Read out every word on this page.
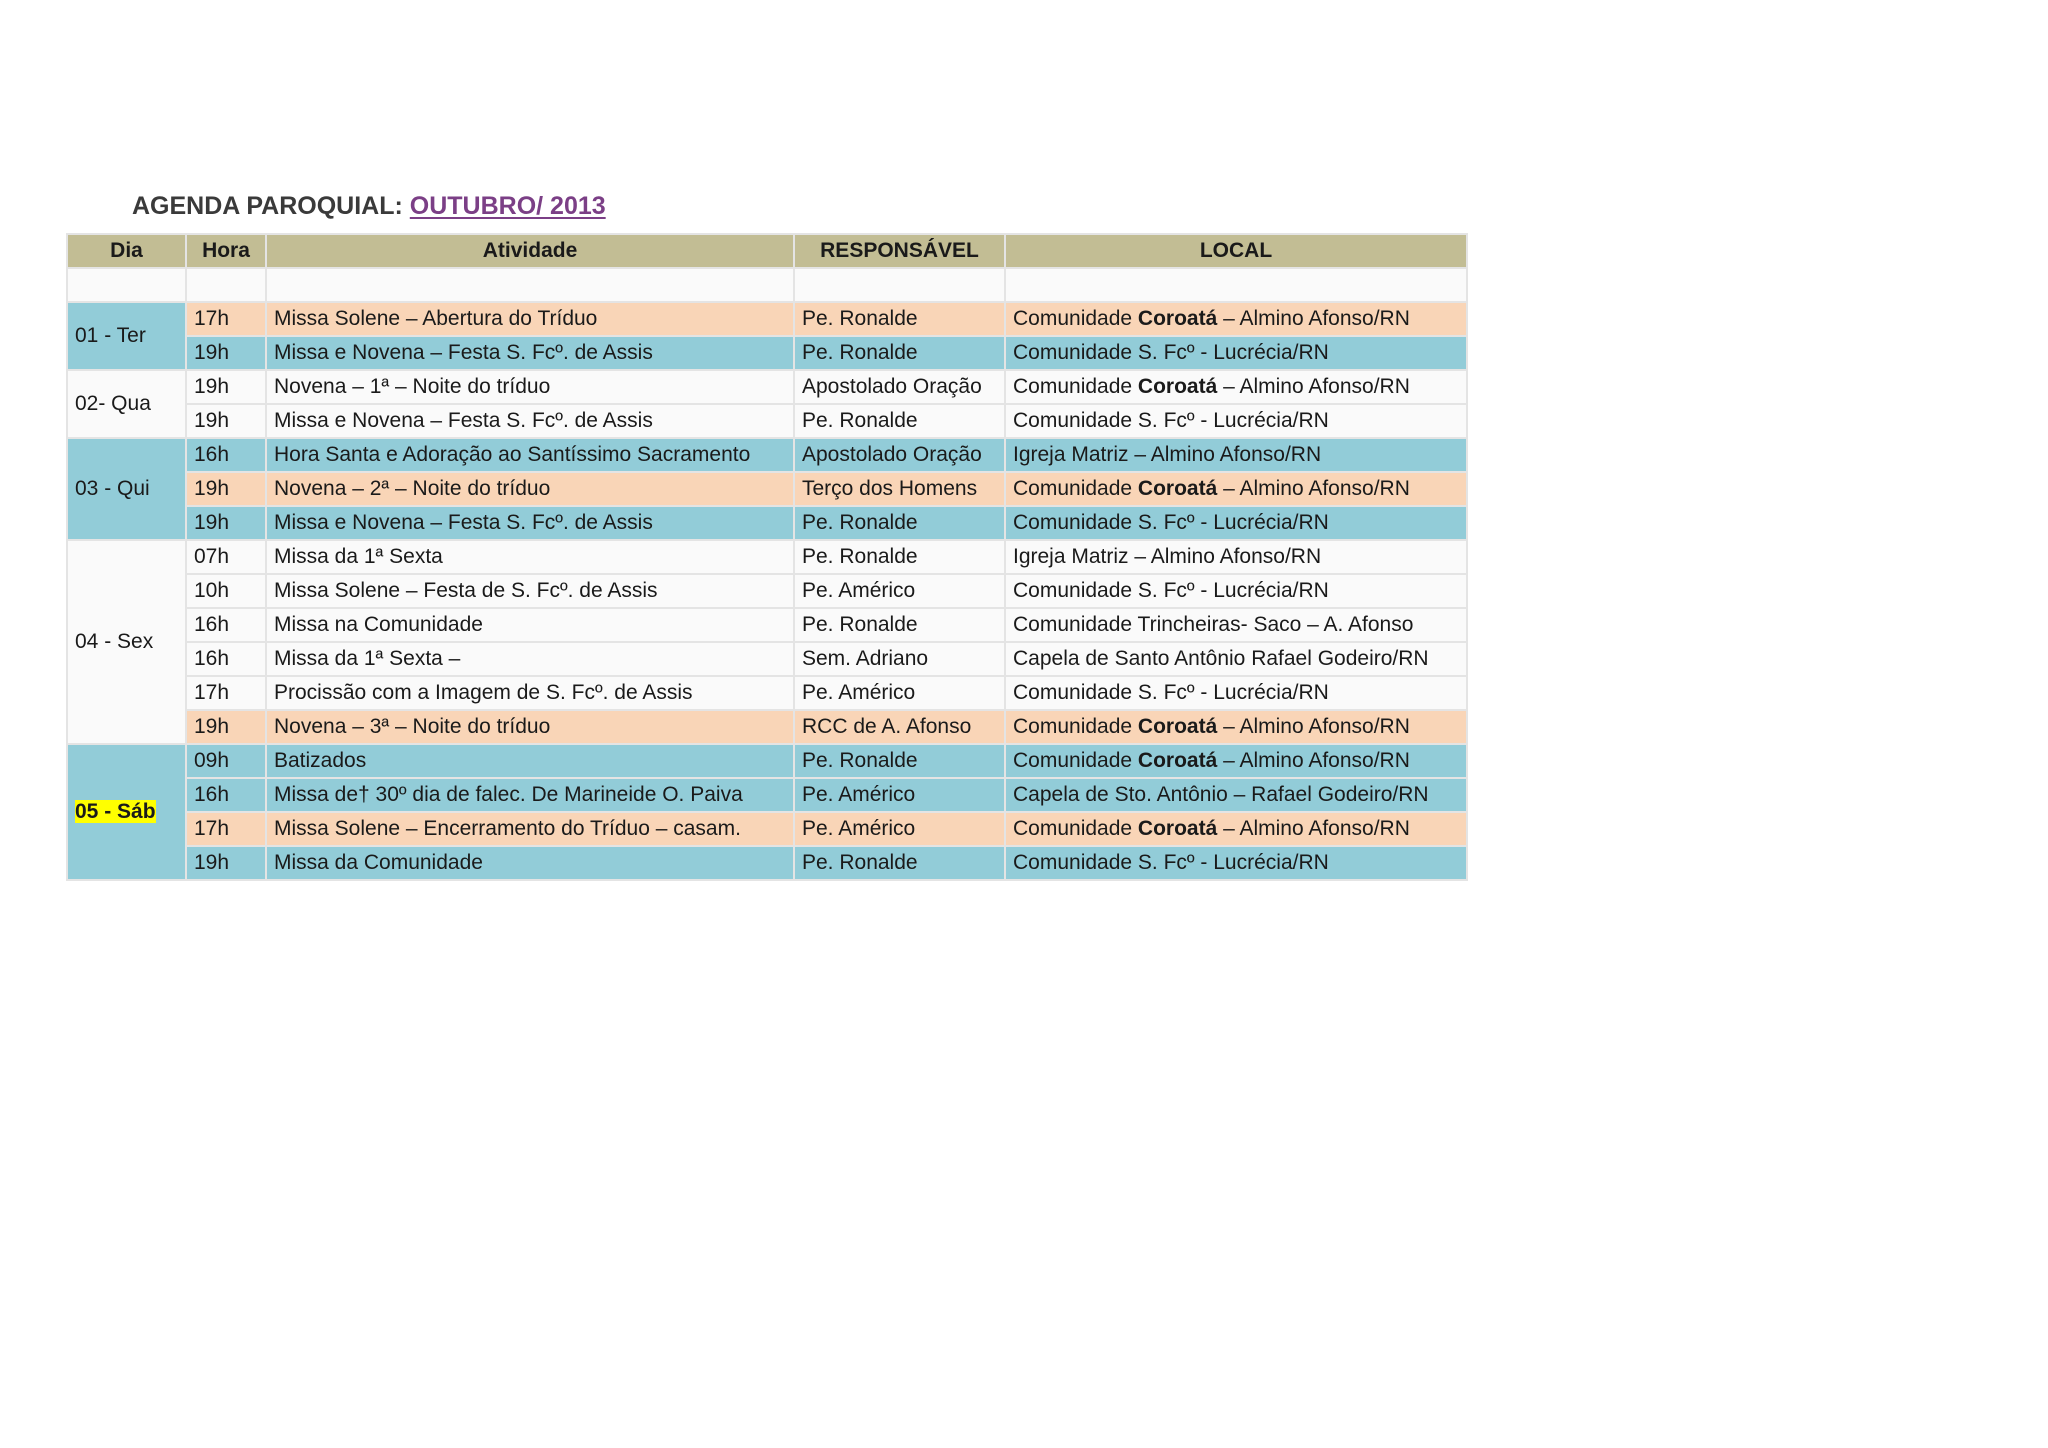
AGENDA PAROQUIAL: OUTUBRO/ 2013
Dia	Hora	Atividade	RESPONSÁVEL	LOCAL

01 - Ter	17h	Missa Solene – Abertura do Tríduo	Pe. Ronalde	Comunidade Coroatá – Almino Afonso/RN
	19h	Missa e Novena – Festa S. Fcº. de Assis	Pe. Ronalde	Comunidade S. Fcº - Lucrécia/RN
02- Qua	19h	Novena – 1ª – Noite do tríduo	Apostolado Oração	Comunidade Coroatá – Almino Afonso/RN
	19h	Missa e Novena – Festa S. Fcº. de Assis	Pe. Ronalde	Comunidade S. Fcº - Lucrécia/RN
03 - Qui	16h	Hora Santa e Adoração ao Santíssimo Sacramento	Apostolado Oração	Igreja Matriz – Almino Afonso/RN
	19h	Novena – 2ª – Noite do tríduo	Terço dos Homens	Comunidade Coroatá – Almino Afonso/RN
	19h	Missa e Novena – Festa S. Fcº. de Assis	Pe. Ronalde	Comunidade S. Fcº - Lucrécia/RN
04 - Sex	07h	Missa da 1ª Sexta	Pe. Ronalde	Igreja Matriz – Almino Afonso/RN
	10h	Missa Solene – Festa de S. Fcº. de Assis	Pe. Américo	Comunidade S. Fcº - Lucrécia/RN
	16h	Missa na Comunidade	Pe. Ronalde	Comunidade Trincheiras- Saco – A. Afonso
	16h	Missa da 1ª Sexta –	Sem. Adriano	Capela de Santo Antônio Rafael Godeiro/RN
	17h	Procissão com a Imagem de S. Fcº. de Assis	Pe. Américo	Comunidade S. Fcº - Lucrécia/RN
	19h	Novena – 3ª – Noite do tríduo	RCC de A. Afonso	Comunidade Coroatá – Almino Afonso/RN
05 - Sáb	09h	Batizados	Pe. Ronalde	Comunidade Coroatá – Almino Afonso/RN
	16h	Missa de† 30º dia de falec. De Marineide O. Paiva	Pe. Américo	Capela de Sto. Antônio – Rafael Godeiro/RN
	17h	Missa Solene – Encerramento do Tríduo – casam.	Pe. Américo	Comunidade Coroatá – Almino Afonso/RN
	19h	Missa da Comunidade	Pe. Ronalde	Comunidade S. Fcº - Lucrécia/RN
